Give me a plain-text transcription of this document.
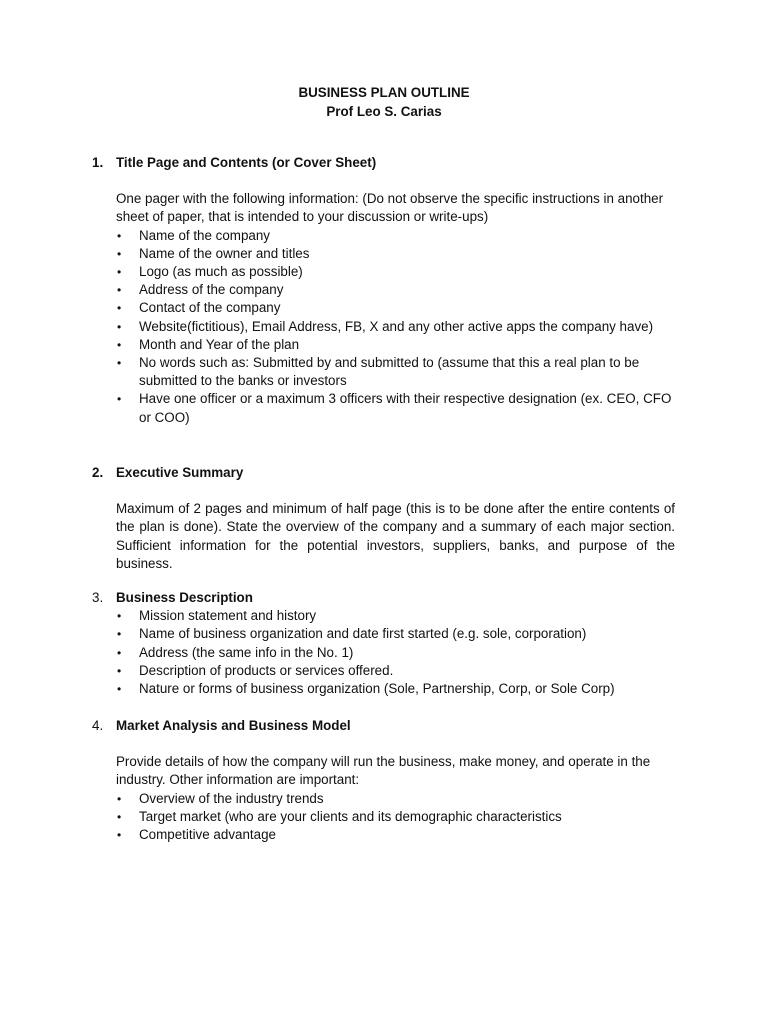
BUSINESS PLAN OUTLINE
Prof Leo S. Carias
1. Title Page and Contents (or Cover Sheet)
One pager with the following information: (Do not observe the specific instructions in another sheet of paper, that is intended to your discussion or write-ups)
• Name of the company
• Name of the owner and titles
• Logo (as much as possible)
• Address of the company
• Contact of the company
• Website(fictitious), Email Address, FB, X and any other active apps the company have)
• Month and Year of the plan
• No words such as: Submitted by and submitted to (assume that this a real plan to be submitted to the banks or investors
• Have one officer or a maximum 3 officers with their respective designation (ex. CEO, CFO or COO)
2. Executive Summary
Maximum of 2 pages and minimum of half page (this is to be done after the entire contents of the plan is done). State the overview of the company and a summary of each major section. Sufficient information for the potential investors, suppliers, banks, and purpose of the business.
3. Business Description
• Mission statement and history
• Name of business organization and date first started (e.g. sole, corporation)
• Address (the same info in the No. 1)
• Description of products or services offered.
• Nature or forms of business organization (Sole, Partnership, Corp, or Sole Corp)
4. Market Analysis and Business Model
Provide details of how the company will run the business, make money, and operate in the industry. Other information are important:
• Overview of the industry trends
• Target market (who are your clients and its demographic characteristics
• Competitive advantage
